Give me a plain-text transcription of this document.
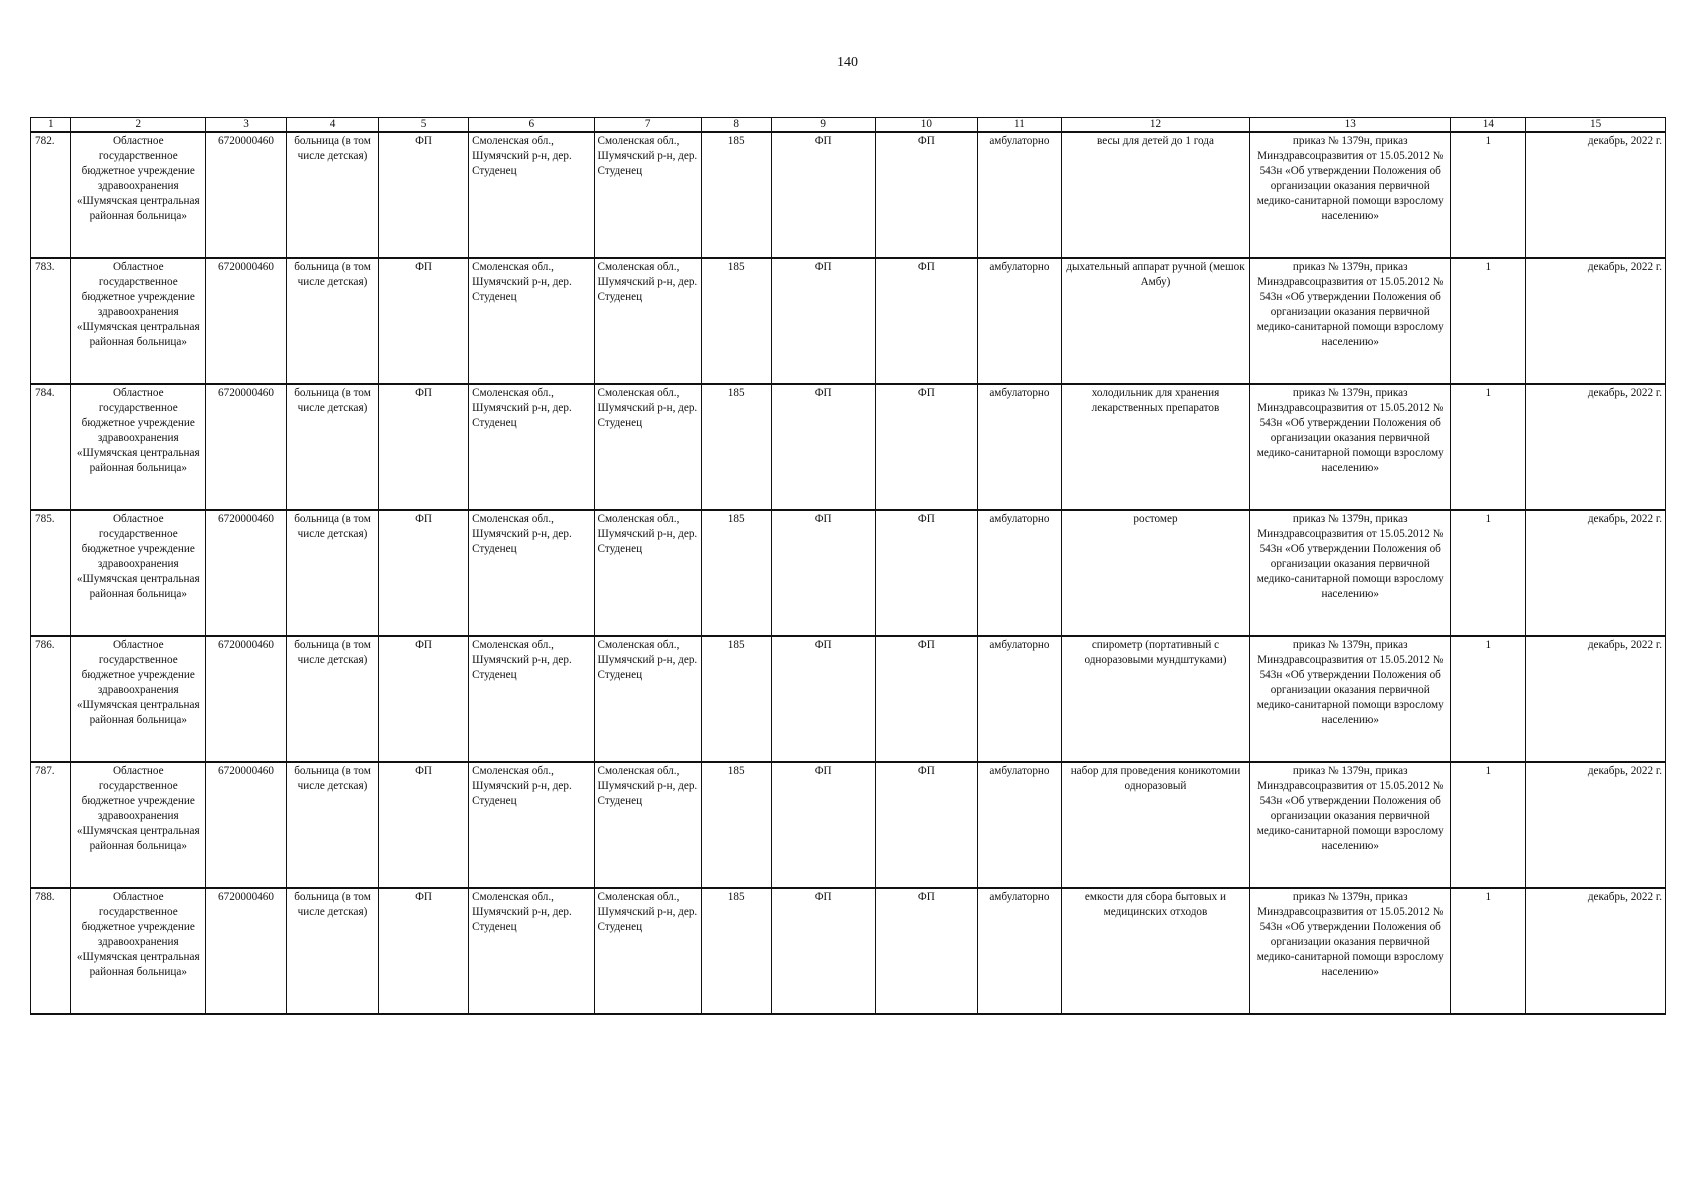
140
1	2	3	4	5	6	7	8	9	10	11	12	13	14	15
782.	Областное государственное бюджетное учреждение здравоохранения «Шумячская центральная районная больница»	6720000460	больница (в том числе детская)	ФП	Смоленская обл., Шумячский р-н, дер. Студенец	Смоленская обл., Шумячский р-н, дер. Студенец	185	ФП	ФП	амбулаторно	весы для детей до 1 года	приказ № 1379н, приказ Минздравсоцразвития от 15.05.2012 № 543н «Об утверждении Положения об организации оказания первичной медико-санитарной помощи взрослому населению»	1	декабрь, 2022 г.
783.	Областное государственное бюджетное учреждение здравоохранения «Шумячская центральная районная больница»	6720000460	больница (в том числе детская)	ФП	Смоленская обл., Шумячский р-н, дер. Студенец	Смоленская обл., Шумячский р-н, дер. Студенец	185	ФП	ФП	амбулаторно	дыхательный аппарат ручной (мешок Амбу)	приказ № 1379н, приказ Минздравсоцразвития от 15.05.2012 № 543н «Об утверждении Положения об организации оказания первичной медико-санитарной помощи взрослому населению»	1	декабрь, 2022 г.
784.	Областное государственное бюджетное учреждение здравоохранения «Шумячская центральная районная больница»	6720000460	больница (в том числе детская)	ФП	Смоленская обл., Шумячский р-н, дер. Студенец	Смоленская обл., Шумячский р-н, дер. Студенец	185	ФП	ФП	амбулаторно	холодильник для хранения лекарственных препаратов	приказ № 1379н, приказ Минздравсоцразвития от 15.05.2012 № 543н «Об утверждении Положения об организации оказания первичной медико-санитарной помощи взрослому населению»	1	декабрь, 2022 г.
785.	Областное государственное бюджетное учреждение здравоохранения «Шумячская центральная районная больница»	6720000460	больница (в том числе детская)	ФП	Смоленская обл., Шумячский р-н, дер. Студенец	Смоленская обл., Шумячский р-н, дер. Студенец	185	ФП	ФП	амбулаторно	ростомер	приказ № 1379н, приказ Минздравсоцразвития от 15.05.2012 № 543н «Об утверждении Положения об организации оказания первичной медико-санитарной помощи взрослому населению»	1	декабрь, 2022 г.
786.	Областное государственное бюджетное учреждение здравоохранения «Шумячская центральная районная больница»	6720000460	больница (в том числе детская)	ФП	Смоленская обл., Шумячский р-н, дер. Студенец	Смоленская обл., Шумячский р-н, дер. Студенец	185	ФП	ФП	амбулаторно	спирометр (портативный с одноразовыми мундштуками)	приказ № 1379н, приказ Минздравсоцразвития от 15.05.2012 № 543н «Об утверждении Положения об организации оказания первичной медико-санитарной помощи взрослому населению»	1	декабрь, 2022 г.
787.	Областное государственное бюджетное учреждение здравоохранения «Шумячская центральная районная больница»	6720000460	больница (в том числе детская)	ФП	Смоленская обл., Шумячский р-н, дер. Студенец	Смоленская обл., Шумячский р-н, дер. Студенец	185	ФП	ФП	амбулаторно	набор для проведения коникотомии одноразовый	приказ № 1379н, приказ Минздравсоцразвития от 15.05.2012 № 543н «Об утверждении Положения об организации оказания первичной медико-санитарной помощи взрослому населению»	1	декабрь, 2022 г.
788.	Областное государственное бюджетное учреждение здравоохранения «Шумячская центральная районная больница»	6720000460	больница (в том числе детская)	ФП	Смоленская обл., Шумячский р-н, дер. Студенец	Смоленская обл., Шумячский р-н, дер. Студенец	185	ФП	ФП	амбулаторно	емкости для сбора бытовых и медицинских отходов	приказ № 1379н, приказ Минздравсоцразвития от 15.05.2012 № 543н «Об утверждении Положения об организации оказания первичной медико-санитарной помощи взрослому населению»	1	декабрь, 2022 г.
